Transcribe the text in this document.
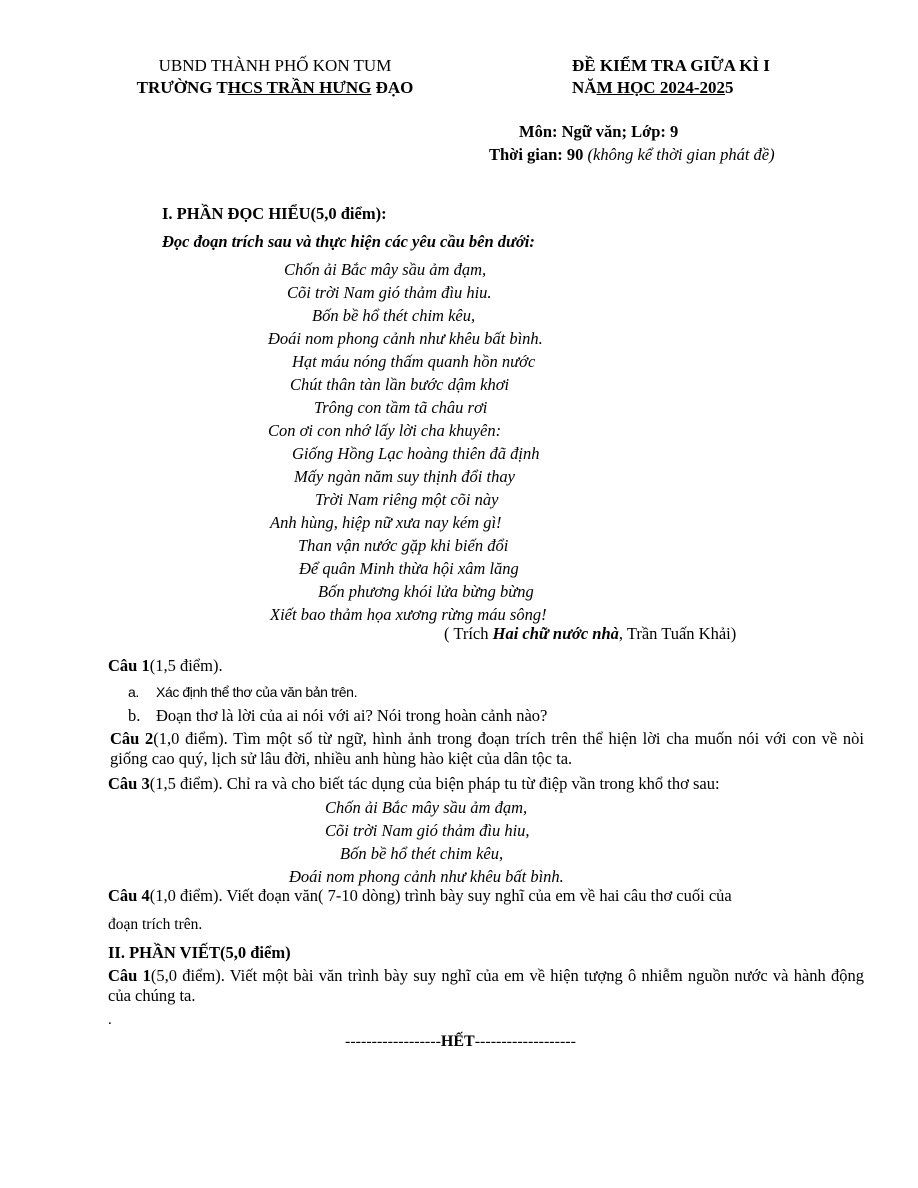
UBND THÀNH PHỐ KON TUM
TRƯỜNG THCS TRẦN HƯNG ĐẠO
ĐỀ KIỂM TRA GIỮA KÌ I
NĂM HỌC 2024-2025
Môn: Ngữ văn; Lớp: 9
Thời gian: 90 (không kể thời gian phát đề)
I. PHẦN ĐỌC HIỂU(5,0 điểm):
Đọc đoạn trích sau và thực hiện các yêu cầu bên dưới:
Chốn ải Bắc mây sầu ảm đạm,
Cõi trời Nam gió thảm đìu hiu.
Bốn bề hổ thét chim kêu,
Đoái nom phong cảnh như khêu bất bình.
Hạt máu nóng thấm quanh hồn nước
Chút thân tàn lần bước dậm khơi
Trông con tầm tã châu rơi
Con ơi con nhớ lấy lời cha khuyên:
Giống Hồng Lạc hoàng thiên đã định
Mấy ngàn năm suy thịnh đổi thay
Trời Nam riêng một cõi này
Anh hùng, hiệp nữ xưa nay kém gì!
Than vận nước gặp khi biến đổi
Để quân Minh thừa hội xâm lăng
Bốn phương khói lửa bừng bừng
Xiết bao thảm họa xương rừng máu sông!
( Trích Hai chữ nước nhà, Trần Tuấn Khải)
Câu 1(1,5 điểm).
a. Xác định thể thơ của văn bản trên.
b. Đoạn thơ là lời của ai nói với ai? Nói trong hoàn cảnh nào?
Câu 2(1,0 điểm). Tìm một số từ ngữ, hình ảnh trong đoạn trích trên thể hiện lời cha muốn nói với con về nòi giống cao quý, lịch sử lâu đời, nhiều anh hùng hào kiệt của dân tộc ta.
Câu 3(1,5 điểm). Chỉ ra và cho biết tác dụng của biện pháp tu từ điệp vần trong khổ thơ sau:
Chốn ải Bắc mây sầu ảm đạm,
Cõi trời Nam gió thảm đìu hiu,
Bốn bề hổ thét chim kêu,
Đoái nom phong cảnh như khêu bất bình.
Câu 4(1,0 điểm). Viết đoạn văn( 7-10 dòng) trình bày suy nghĩ của em về hai câu thơ cuối của
đoạn trích trên.
II. PHẦN VIẾT(5,0 điểm)
Câu 1(5,0 điểm). Viết một bài văn trình bày suy nghĩ của em về hiện tượng ô nhiễm nguồn nước và hành động của chúng ta.
.
------------------HẾT-------------------
